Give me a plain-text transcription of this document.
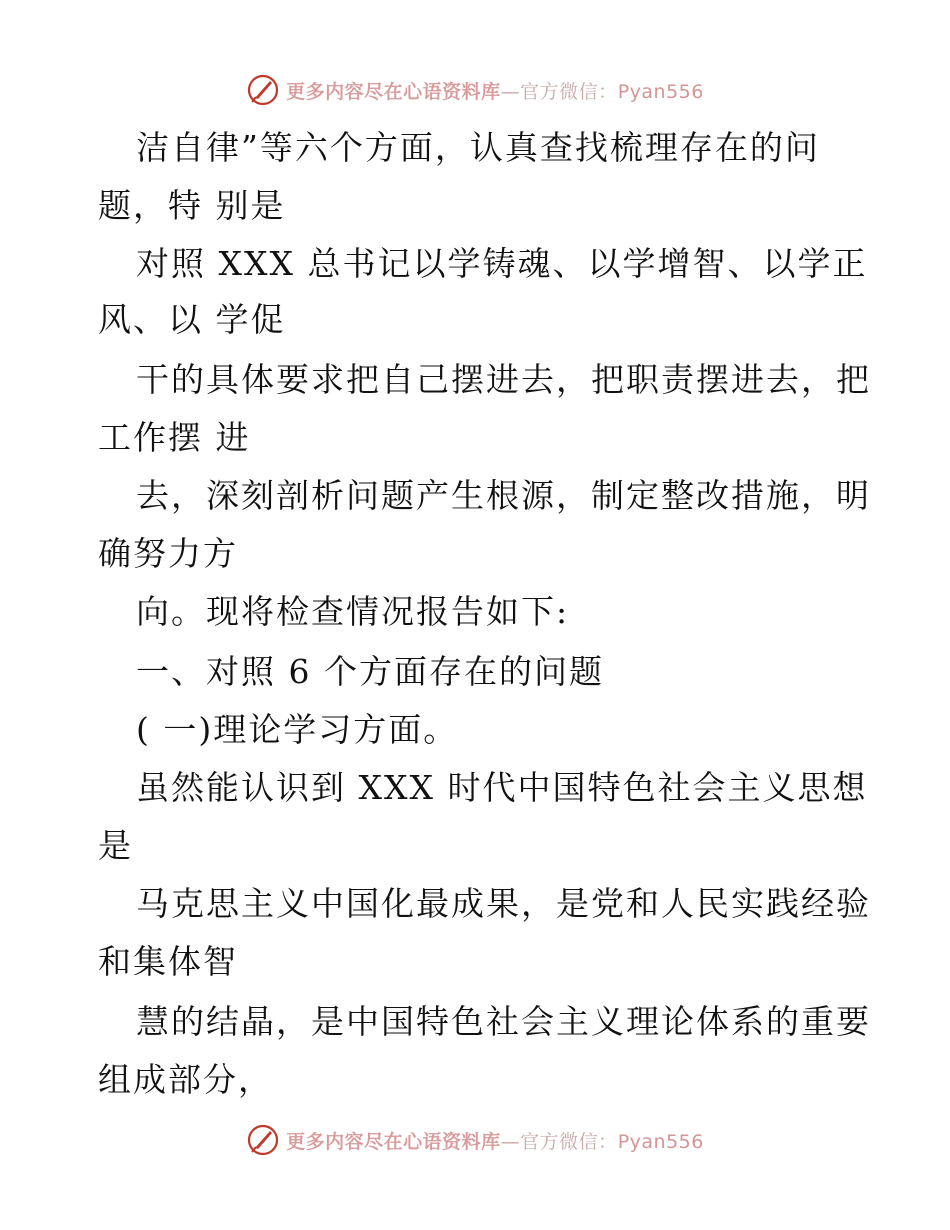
更多内容尽在心语资料库—官方微信：Pyan556
洁自律”等六个方面，认真查找梳理存在的问
题，特 别是
对照 XXX 总书记以学铸魂、以学增智、以学正
风、以 学促
干的具体要求把自己摆进去，把职责摆进去，把
工作摆 进
去，深刻剖析问题产生根源，制定整改措施，明
确努力方
向。现将检查情况报告如下:
一、对照 6 个方面存在的问题
( 一)理论学习方面。
虽然能认识到 XXX 时代中国特色社会主义思想
是
马克思主义中国化最成果，是党和人民实践经验
和集体智
慧的结晶，是中国特色社会主义理论体系的重要
组成部分，
更多内容尽在心语资料库—官方微信：Pyan556
